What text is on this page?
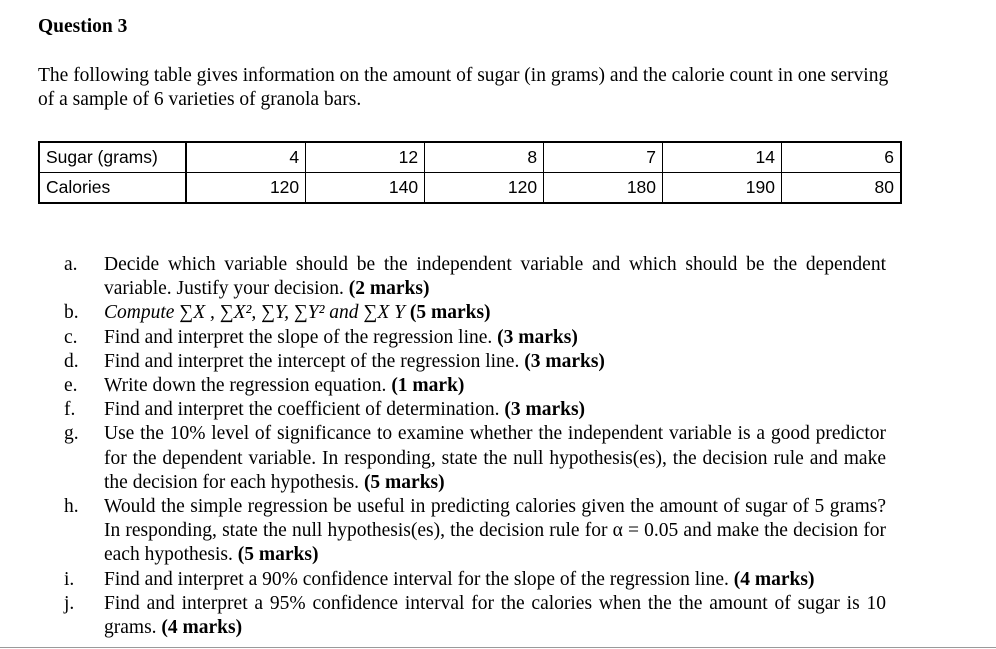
Question 3
The following table gives information on the amount of sugar (in grams) and the calorie count in one serving of a sample of 6 varieties of granola bars.
Sugar (grams)	4	12	8	7	14	6
Calories	120	140	120	180	190	80
a.	Decide which variable should be the independent variable and which should be the dependent variable. Justify your decision. (2 marks)
b.	Compute ∑X , ∑X², ∑Y, ∑Y² and ∑X Y (5 marks)
c.	Find and interpret the slope of the regression line. (3 marks)
d.	Find and interpret the intercept of the regression line. (3 marks)
e.	Write down the regression equation. (1 mark)
f.	Find and interpret the coefficient of determination. (3 marks)
g.	Use the 10% level of significance to examine whether the independent variable is a good predictor for the dependent variable. In responding, state the null hypothesis(es), the decision rule and make the decision for each hypothesis. (5 marks)
h.	Would the simple regression be useful in predicting calories given the amount of sugar of 5 grams? In responding, state the null hypothesis(es), the decision rule for α = 0.05 and make the decision for each hypothesis. (5 marks)
i.	Find and interpret a 90% confidence interval for the slope of the regression line. (4 marks)
j.	Find and interpret a 95% confidence interval for the calories when the the amount of sugar is 10 grams. (4 marks)
